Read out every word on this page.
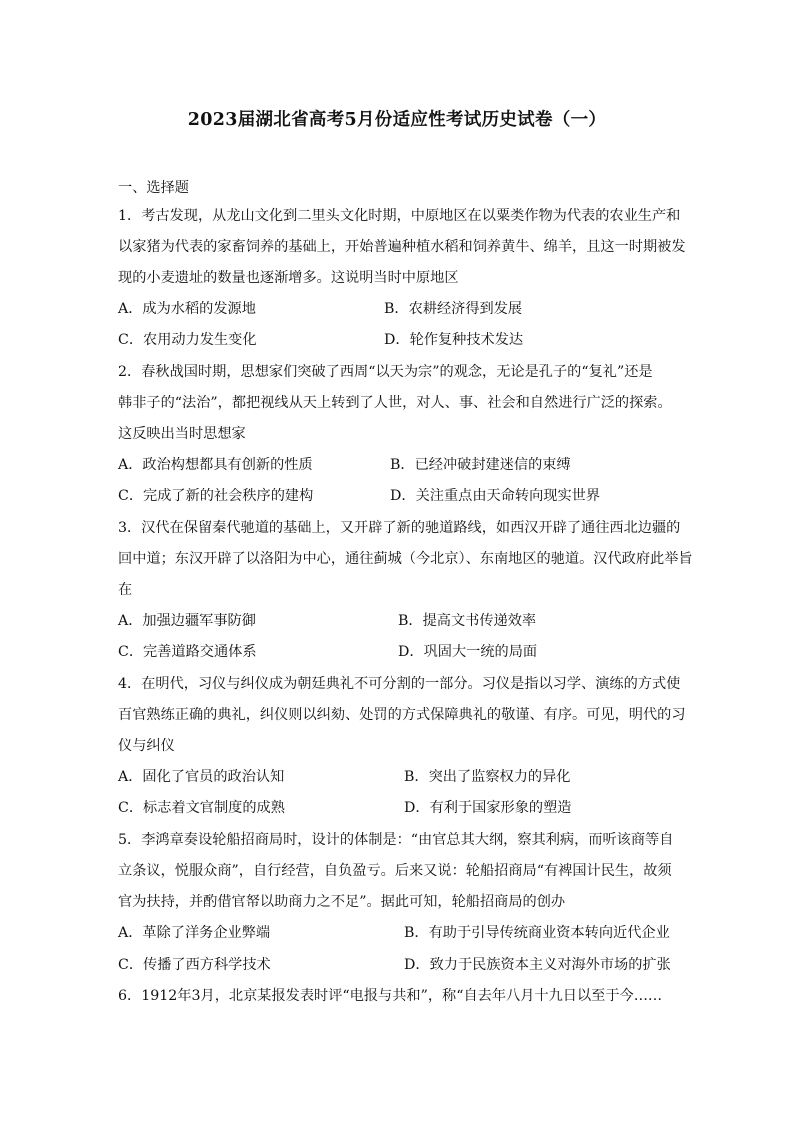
2023届湖北省高考5月份适应性考试历史试卷（一）
一、选择题
1．考古发现，从龙山文化到二里头文化时期，中原地区在以粟类作物为代表的农业生产和
以家猪为代表的家畜饲养的基础上，开始普遍种植水稻和饲养黄牛、绵羊，且这一时期被发
现的小麦遗址的数量也逐渐增多。这说明当时中原地区
A．成为水稻的发源地	B．农耕经济得到发展
C．农用动力发生变化	D．轮作复种技术发达
2．春秋战国时期，思想家们突破了西周“以天为宗”的观念，无论是孔子的“复礼”还是
韩非子的“法治”，都把视线从天上转到了人世，对人、事、社会和自然进行广泛的探索。
这反映出当时思想家
A．政治构想都具有创新的性质	B．已经冲破封建迷信的束缚
C．完成了新的社会秩序的建构	D．关注重点由天命转向现实世界
3．汉代在保留秦代驰道的基础上，又开辟了新的驰道路线，如西汉开辟了通往西北边疆的
回中道；东汉开辟了以洛阳为中心，通往蓟城（今北京）、东南地区的驰道。汉代政府此举旨
在
A．加强边疆军事防御	B．提高文书传递效率
C．完善道路交通体系	D．巩固大一统的局面
4．在明代，习仪与纠仪成为朝廷典礼不可分割的一部分。习仪是指以习学、演练的方式使
百官熟练正确的典礼，纠仪则以纠劾、处罚的方式保障典礼的敬谨、有序。可见，明代的习
仪与纠仪
A．固化了官员的政治认知	B．突出了监察权力的异化
C．标志着文官制度的成熟	D．有利于国家形象的塑造
5．李鸿章奏设轮船招商局时，设计的体制是：“由官总其大纲，察其利病，而听该商等自
立条议，悦服众商”，自行经营，自负盈亏。后来又说：轮船招商局“有裨国计民生，故须
官为扶持，并酌借官帑以助商力之不足”。据此可知，轮船招商局的创办
A．革除了洋务企业弊端	B．有助于引导传统商业资本转向近代企业
C．传播了西方科学技术	D．致力于民族资本主义对海外市场的扩张
6．1912年3月，北京某报发表时评“电报与共和”，称“自去年八月十九日以至于今……
